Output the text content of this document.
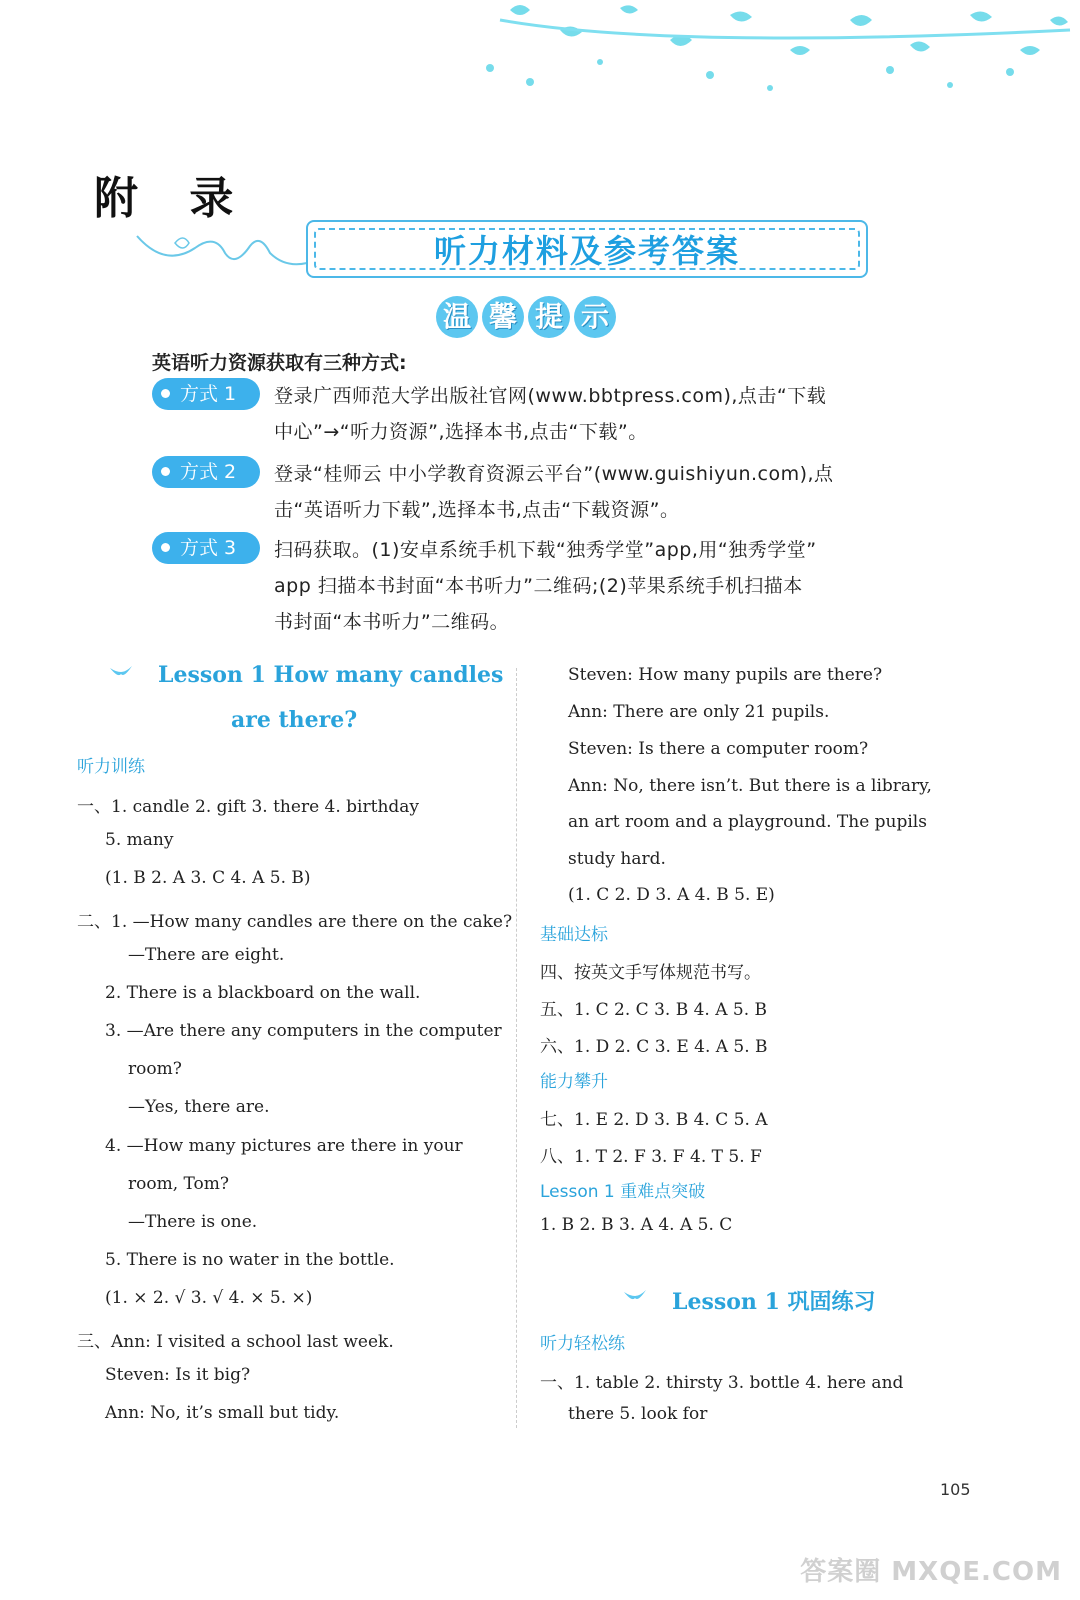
附 录
听力材料及参考答案
温 馨 提 示
英语听力资源获取有三种方式:
方式 1	登录广西师范大学出版社官网(www.bbtpress.com),点击“下载
中心”→“听力资源”,选择本书,点击“下载”。
方式 2	登录“桂师云 中小学教育资源云平台”(www.guishiyun.com),点
击“英语听力下载”,选择本书,点击“下载资源”。
方式 3	扫码获取。(1)安卓系统手机下载“独秀学堂”app,用“独秀学堂”
app 扫描本书封面“本书听力”二维码;(2)苹果系统手机扫描本
书封面“本书听力”二维码。
Lesson 1 How many candles
are there?
听力训练
一、1. candle 2. gift 3. there 4. birthday
5. many
(1. B 2. A 3. C 4. A 5. B)
二、1. —How many candles are there on the cake?
—There are eight.
2. There is a blackboard on the wall.
3. —Are there any computers in the computer
room?
—Yes, there are.
4. —How many pictures are there in your
room, Tom?
—There is one.
5. There is no water in the bottle.
(1. × 2. √ 3. √ 4. × 5. ×)
三、Ann: I visited a school last week.
Steven: Is it big?
Ann: No, it’s small but tidy.
Steven: How many pupils are there?
Ann: There are only 21 pupils.
Steven: Is there a computer room?
Ann: No, there isn’t. But there is a library,
an art room and a playground. The pupils
study hard.
(1. C 2. D 3. A 4. B 5. E)
基础达标
四、按英文手写体规范书写。
五、1. C 2. C 3. B 4. A 5. B
六、1. D 2. C 3. E 4. A 5. B
能力攀升
七、1. E 2. D 3. B 4. C 5. A
八、1. T 2. F 3. F 4. T 5. F
Lesson 1 重难点突破
1. B 2. B 3. A 4. A 5. C
Lesson 1 巩固练习
听力轻松练
一、1. table 2. thirsty 3. bottle 4. here and
there 5. look for
105
答案圈 MXQE.COM
